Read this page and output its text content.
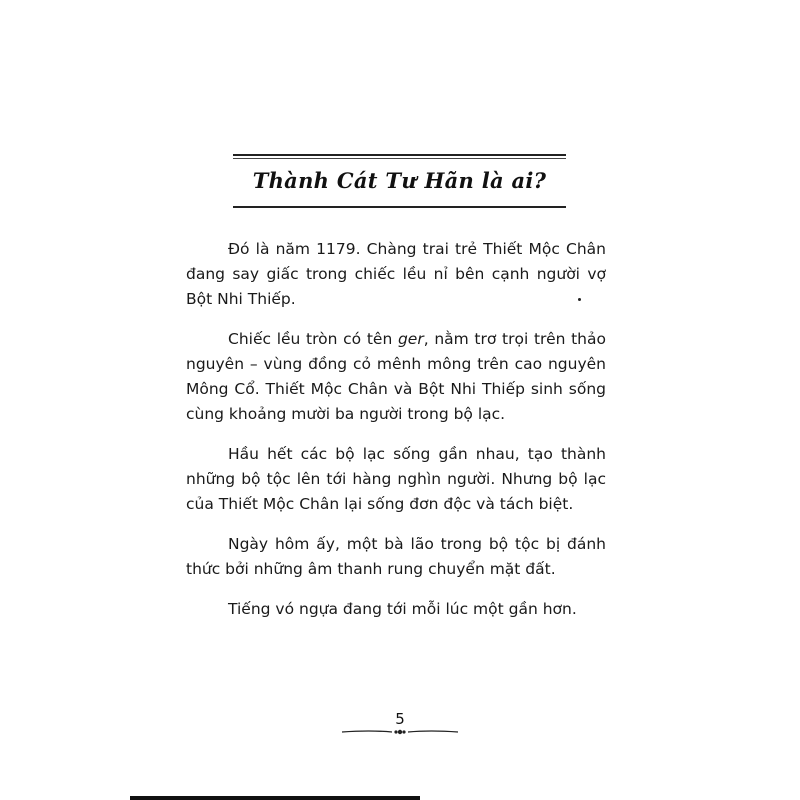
Thành Cát Tư Hãn là ai?

Đó là năm 1179. Chàng trai trẻ Thiết Mộc Chân đang say giấc trong chiếc lều nỉ bên cạnh người vợ Bột Nhi Thiếp.

Chiếc lều tròn có tên ger, nằm trơ trọi trên thảo nguyên – vùng đồng cỏ mênh mông trên cao nguyên Mông Cổ. Thiết Mộc Chân và Bột Nhi Thiếp sinh sống cùng khoảng mười ba người trong bộ lạc.

Hầu hết các bộ lạc sống gần nhau, tạo thành những bộ tộc lên tới hàng nghìn người. Nhưng bộ lạc của Thiết Mộc Chân lại sống đơn độc và tách biệt.

Ngày hôm ấy, một bà lão trong bộ tộc bị đánh thức bởi những âm thanh rung chuyển mặt đất.

Tiếng vó ngựa đang tới mỗi lúc một gần hơn.

5
